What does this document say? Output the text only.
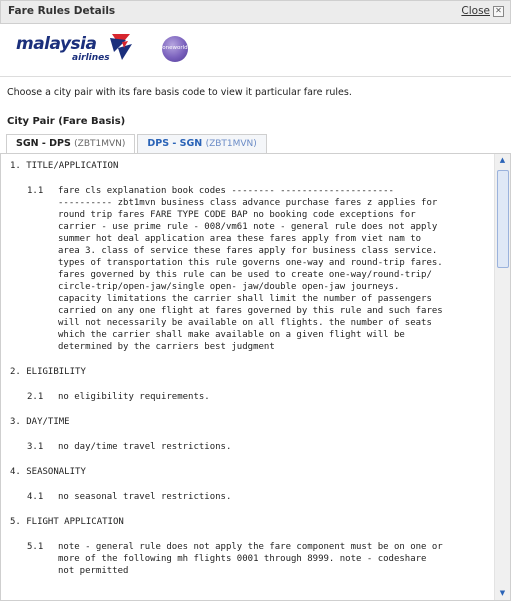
Fare Rules Details	Close ✕
malaysia
airlines
oneworld
Choose a city pair with its fare basis code to view it particular fare rules.
City Pair (Fare Basis)
SGN - DPS (ZBT1MVN)	DPS - SGN (ZBT1MVN)
1. TITLE/APPLICATION
1.1	fare cls explanation book codes -------- ---------------------
---------- zbt1mvn business class advance purchase fares z applies for
round trip fares FARE TYPE CODE BAP no booking code exceptions for
carrier - use prime rule - 008/vm61 note - general rule does not apply
summer hot deal application area these fares apply from viet nam to
area 3. class of service these fares apply for business class service.
types of transportation this rule governs one-way and round-trip fares.
fares governed by this rule can be used to create one-way/round-trip/
circle-trip/open-jaw/single open- jaw/double open-jaw journeys.
capacity limitations the carrier shall limit the number of passengers
carried on any one flight at fares governed by this rule and such fares
will not necessarily be available on all flights. the number of seats
which the carrier shall make available on a given flight will be
determined by the carriers best judgment
2. ELIGIBILITY
2.1	no eligibility requirements.
3. DAY/TIME
3.1	no day/time travel restrictions.
4. SEASONALITY
4.1	no seasonal travel restrictions.
5. FLIGHT APPLICATION
5.1	note - general rule does not apply the fare component must be on one or
more of the following mh flights 0001 through 8999. note - codeshare
not permitted
▲
▼
